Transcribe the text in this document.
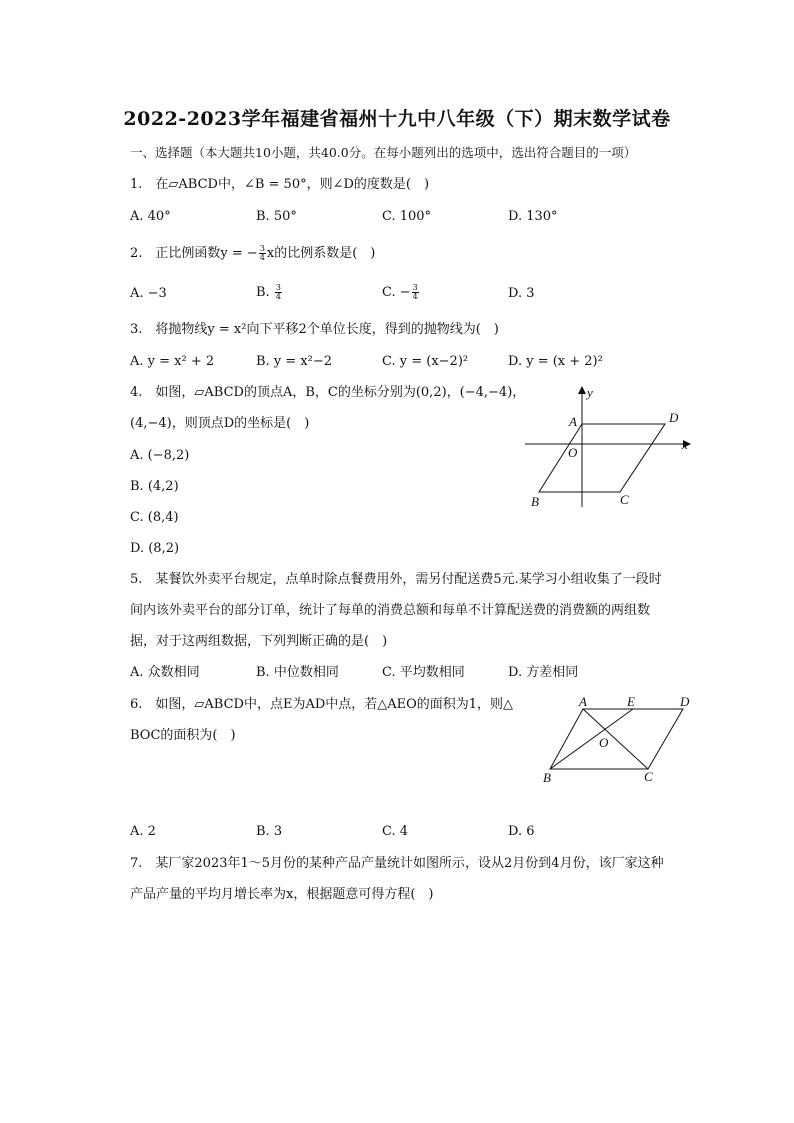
2022-2023学年福建省福州十九中八年级（下）期末数学试卷
一、选择题（本大题共10小题，共40.0分。在每小题列出的选项中，选出符合题目的一项）
1.　在▱ABCD中，∠B = 50°，则∠D的度数是(　)
A. 40°	B. 50°	C. 100°	D. 130°
2.　正比例函数y = − $\frac{3}{4}$ x的比例系数是(　)
A. −3	B. $\frac{3}{4}$	C. − $\frac{3}{4}$	D. 3
3.　将抛物线y = x²向下平移2个单位长度，得到的抛物线为(　)
A. y = x² + 2	B. y = x²−2	C. y = (x−2)²	D. y = (x + 2)²
4.　如图，▱ABCD的顶点A，B，C的坐标分别为(0,2)，(−4,−4)，
(4,−4)，则顶点D的坐标是(　)
A. (−8,2)
B. (4,2)
C. (8,4)
D. (8,2)
y
x
A	D
O
B	C
5.　某餐饮外卖平台规定，点单时除点餐费用外，需另付配送费5元.某学习小组收集了一段时
间内该外卖平台的部分订单，统计了每单的消费总额和每单不计算配送费的消费额的两组数
据，对于这两组数据，下列判断正确的是(　)
A. 众数相同	B. 中位数相同	C. 平均数相同	D. 方差相同
6.　如图，▱ABCD中，点E为AD中点，若△AEO的面积为1，则△
BOC的面积为(　)
A	E	D
O
B	C
A. 2	B. 3	C. 4	D. 6
7.　某厂家2023年1～5月份的某种产品产量统计如图所示，设从2月份到4月份，该厂家这种
产品产量的平均月增长率为x，根据题意可得方程(　)
